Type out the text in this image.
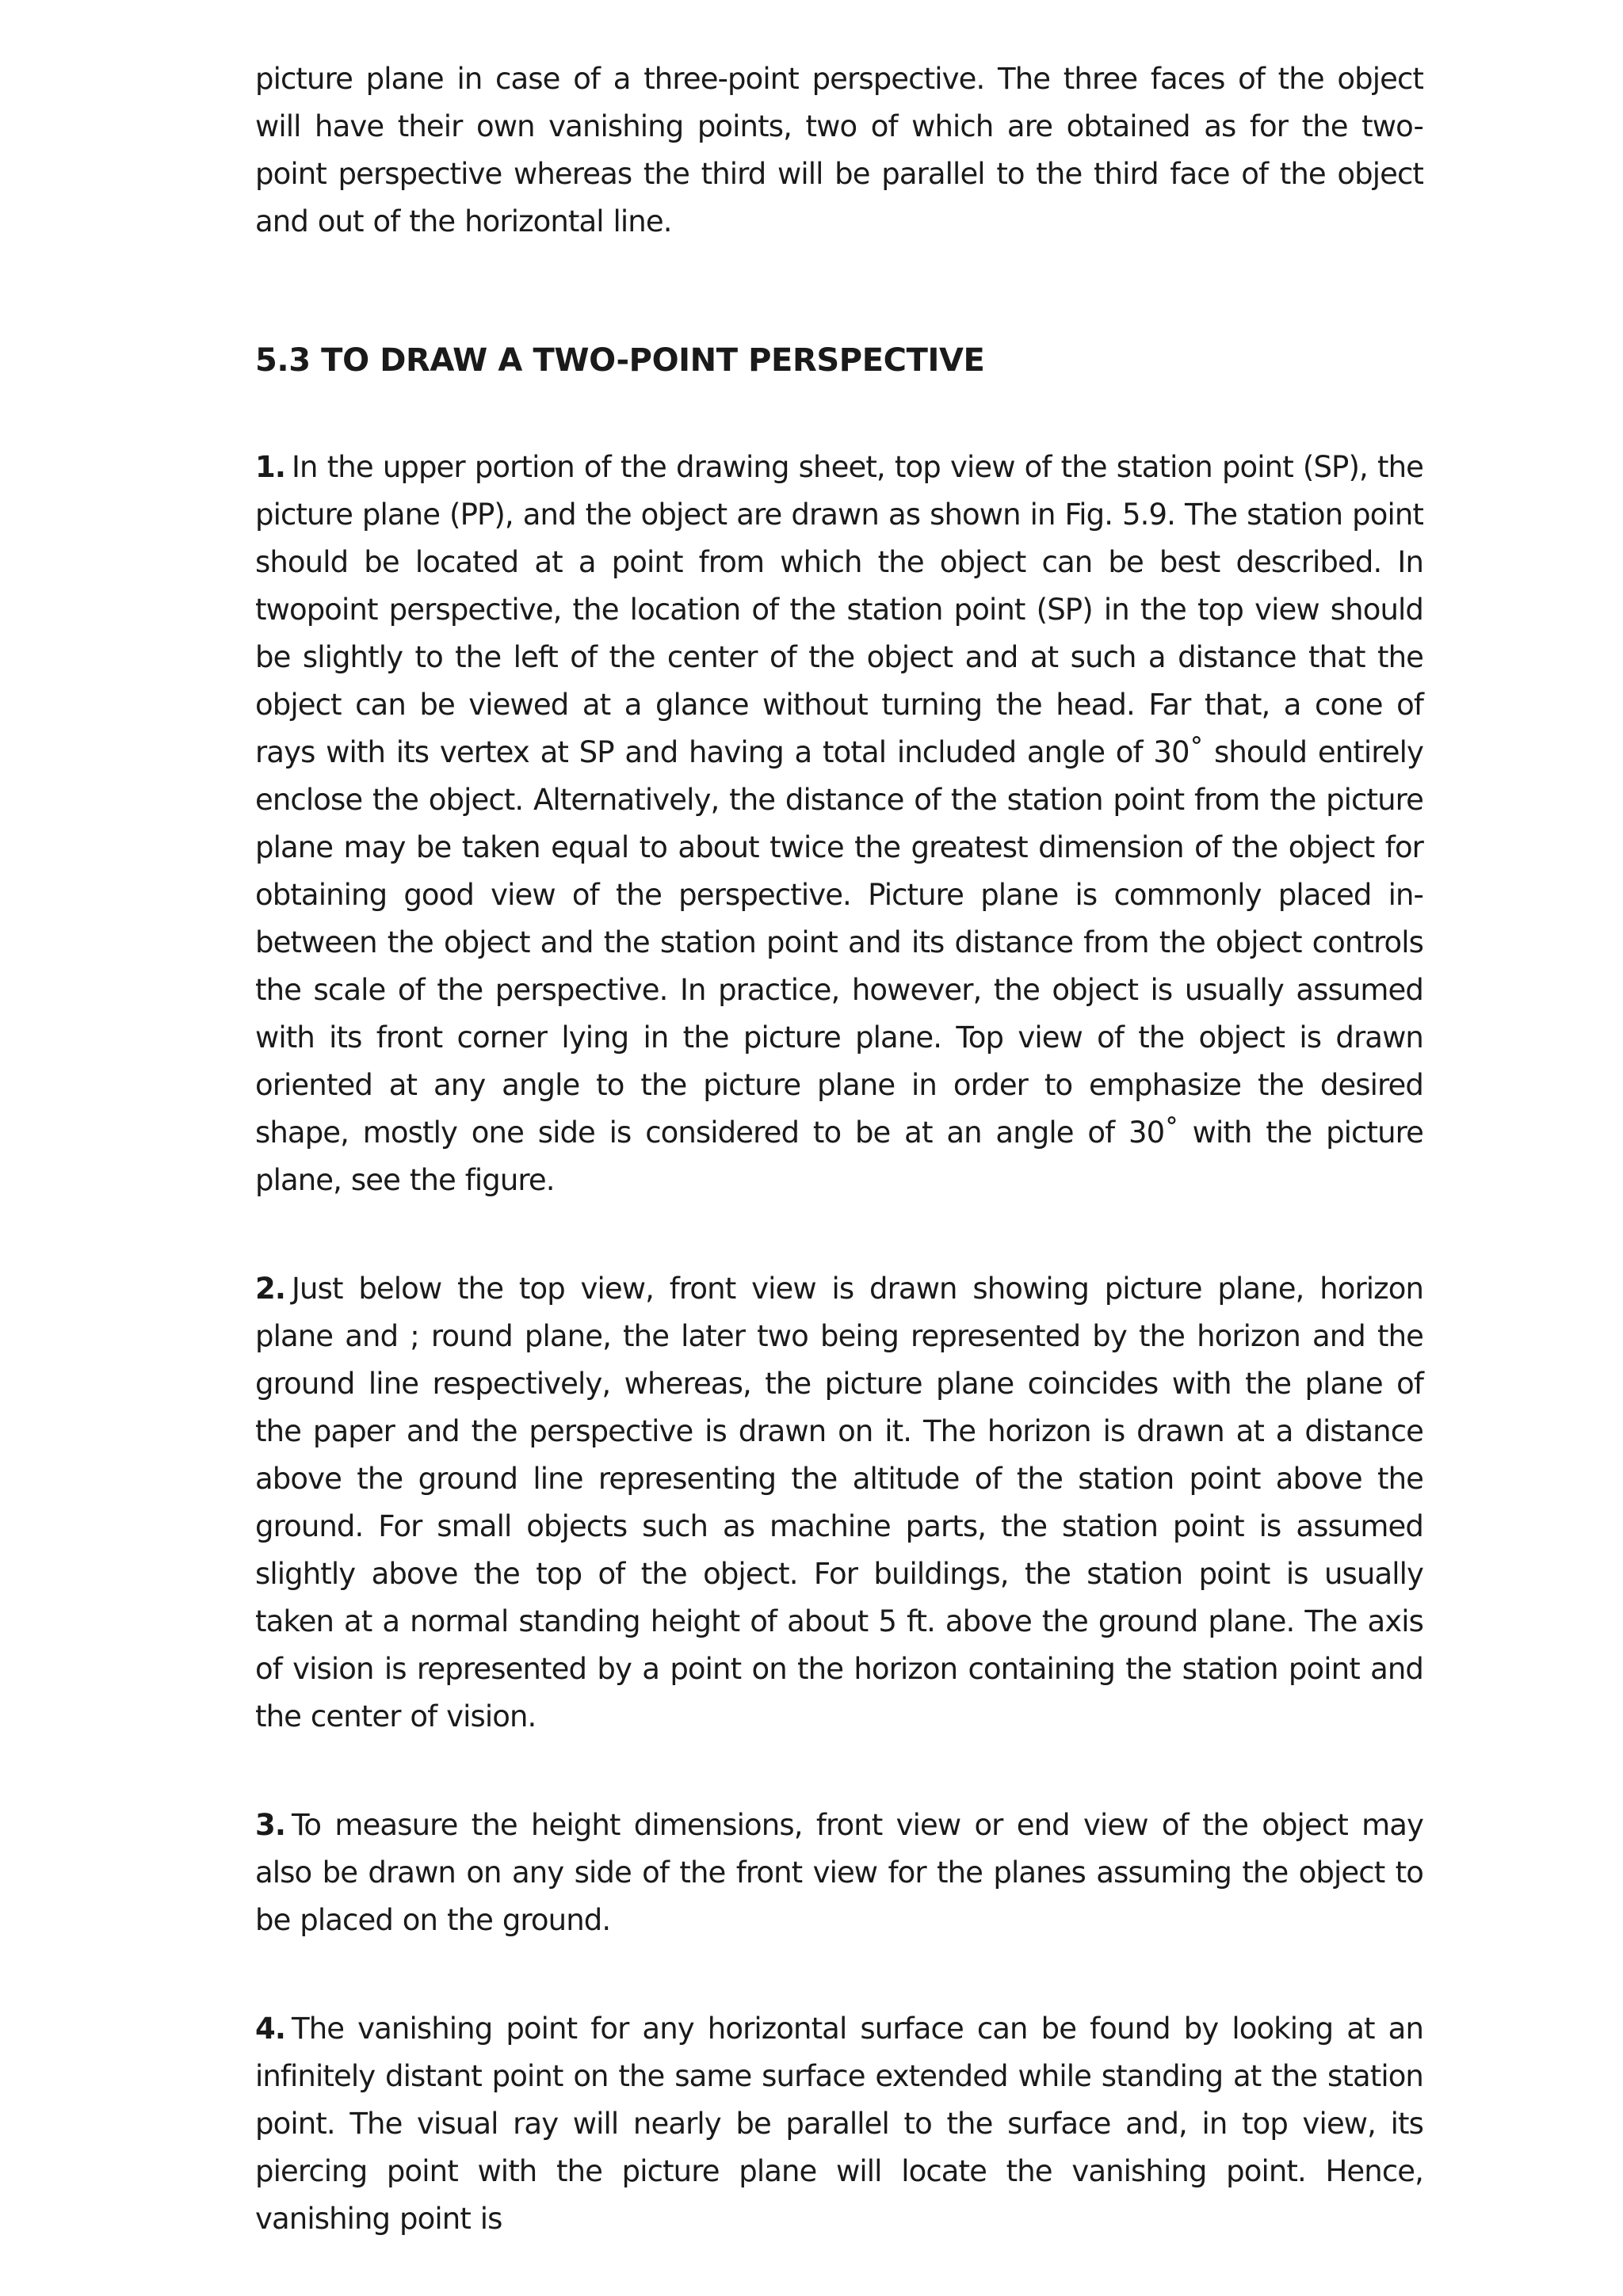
picture plane in case of a three-point perspective. The three faces of the object will have their own vanishing points, two of which are obtained as for the two-point perspective whereas the third will be parallel to the third face of the object and out of the horizontal line.

5.3 TO DRAW A TWO-POINT PERSPECTIVE

1. In the upper portion of the drawing sheet, top view of the station point (SP), the picture plane (PP), and the object are drawn as shown in Fig. 5.9. The station point should be located at a point from which the object can be best described. In twopoint perspective, the location of the station point (SP) in the top view should be slightly to the left of the center of the object and at such a distance that the object can be viewed at a glance without turning the head. Far that, a cone of rays with its vertex at SP and having a total included angle of 30˚ should entirely enclose the object. Alternatively, the distance of the station point from the picture plane may be taken equal to about twice the greatest dimension of the object for obtaining good view of the perspective. Picture plane is commonly placed in-between the object and the station point and its distance from the object controls the scale of the perspective. In practice, however, the object is usually assumed with its front corner lying in the picture plane. Top view of the object is drawn oriented at any angle to the picture plane in order to emphasize the desired shape, mostly one side is considered to be at an angle of 30˚ with the picture plane, see the figure.

2. Just below the top view, front view is drawn showing picture plane, horizon plane and ; round plane, the later two being represented by the horizon and the ground line respectively, whereas, the picture plane coincides with the plane of the paper and the perspective is drawn on it. The horizon is drawn at a distance above the ground line representing the altitude of the station point above the ground. For small objects such as machine parts, the station point is assumed slightly above the top of the object. For buildings, the station point is usually taken at a normal standing height of about 5 ft. above the ground plane. The axis of vision is represented by a point on the horizon containing the station point and the center of vision.

3. To measure the height dimensions, front view or end view of the object may also be drawn on any side of the front view for the planes assuming the object to be placed on the ground.

4. The vanishing point for any horizontal surface can be found by looking at an infinitely distant point on the same surface extended while standing at the station point. The visual ray will nearly be parallel to the surface and, in top view, its piercing point with the picture plane will locate the vanishing point. Hence, vanishing point is
